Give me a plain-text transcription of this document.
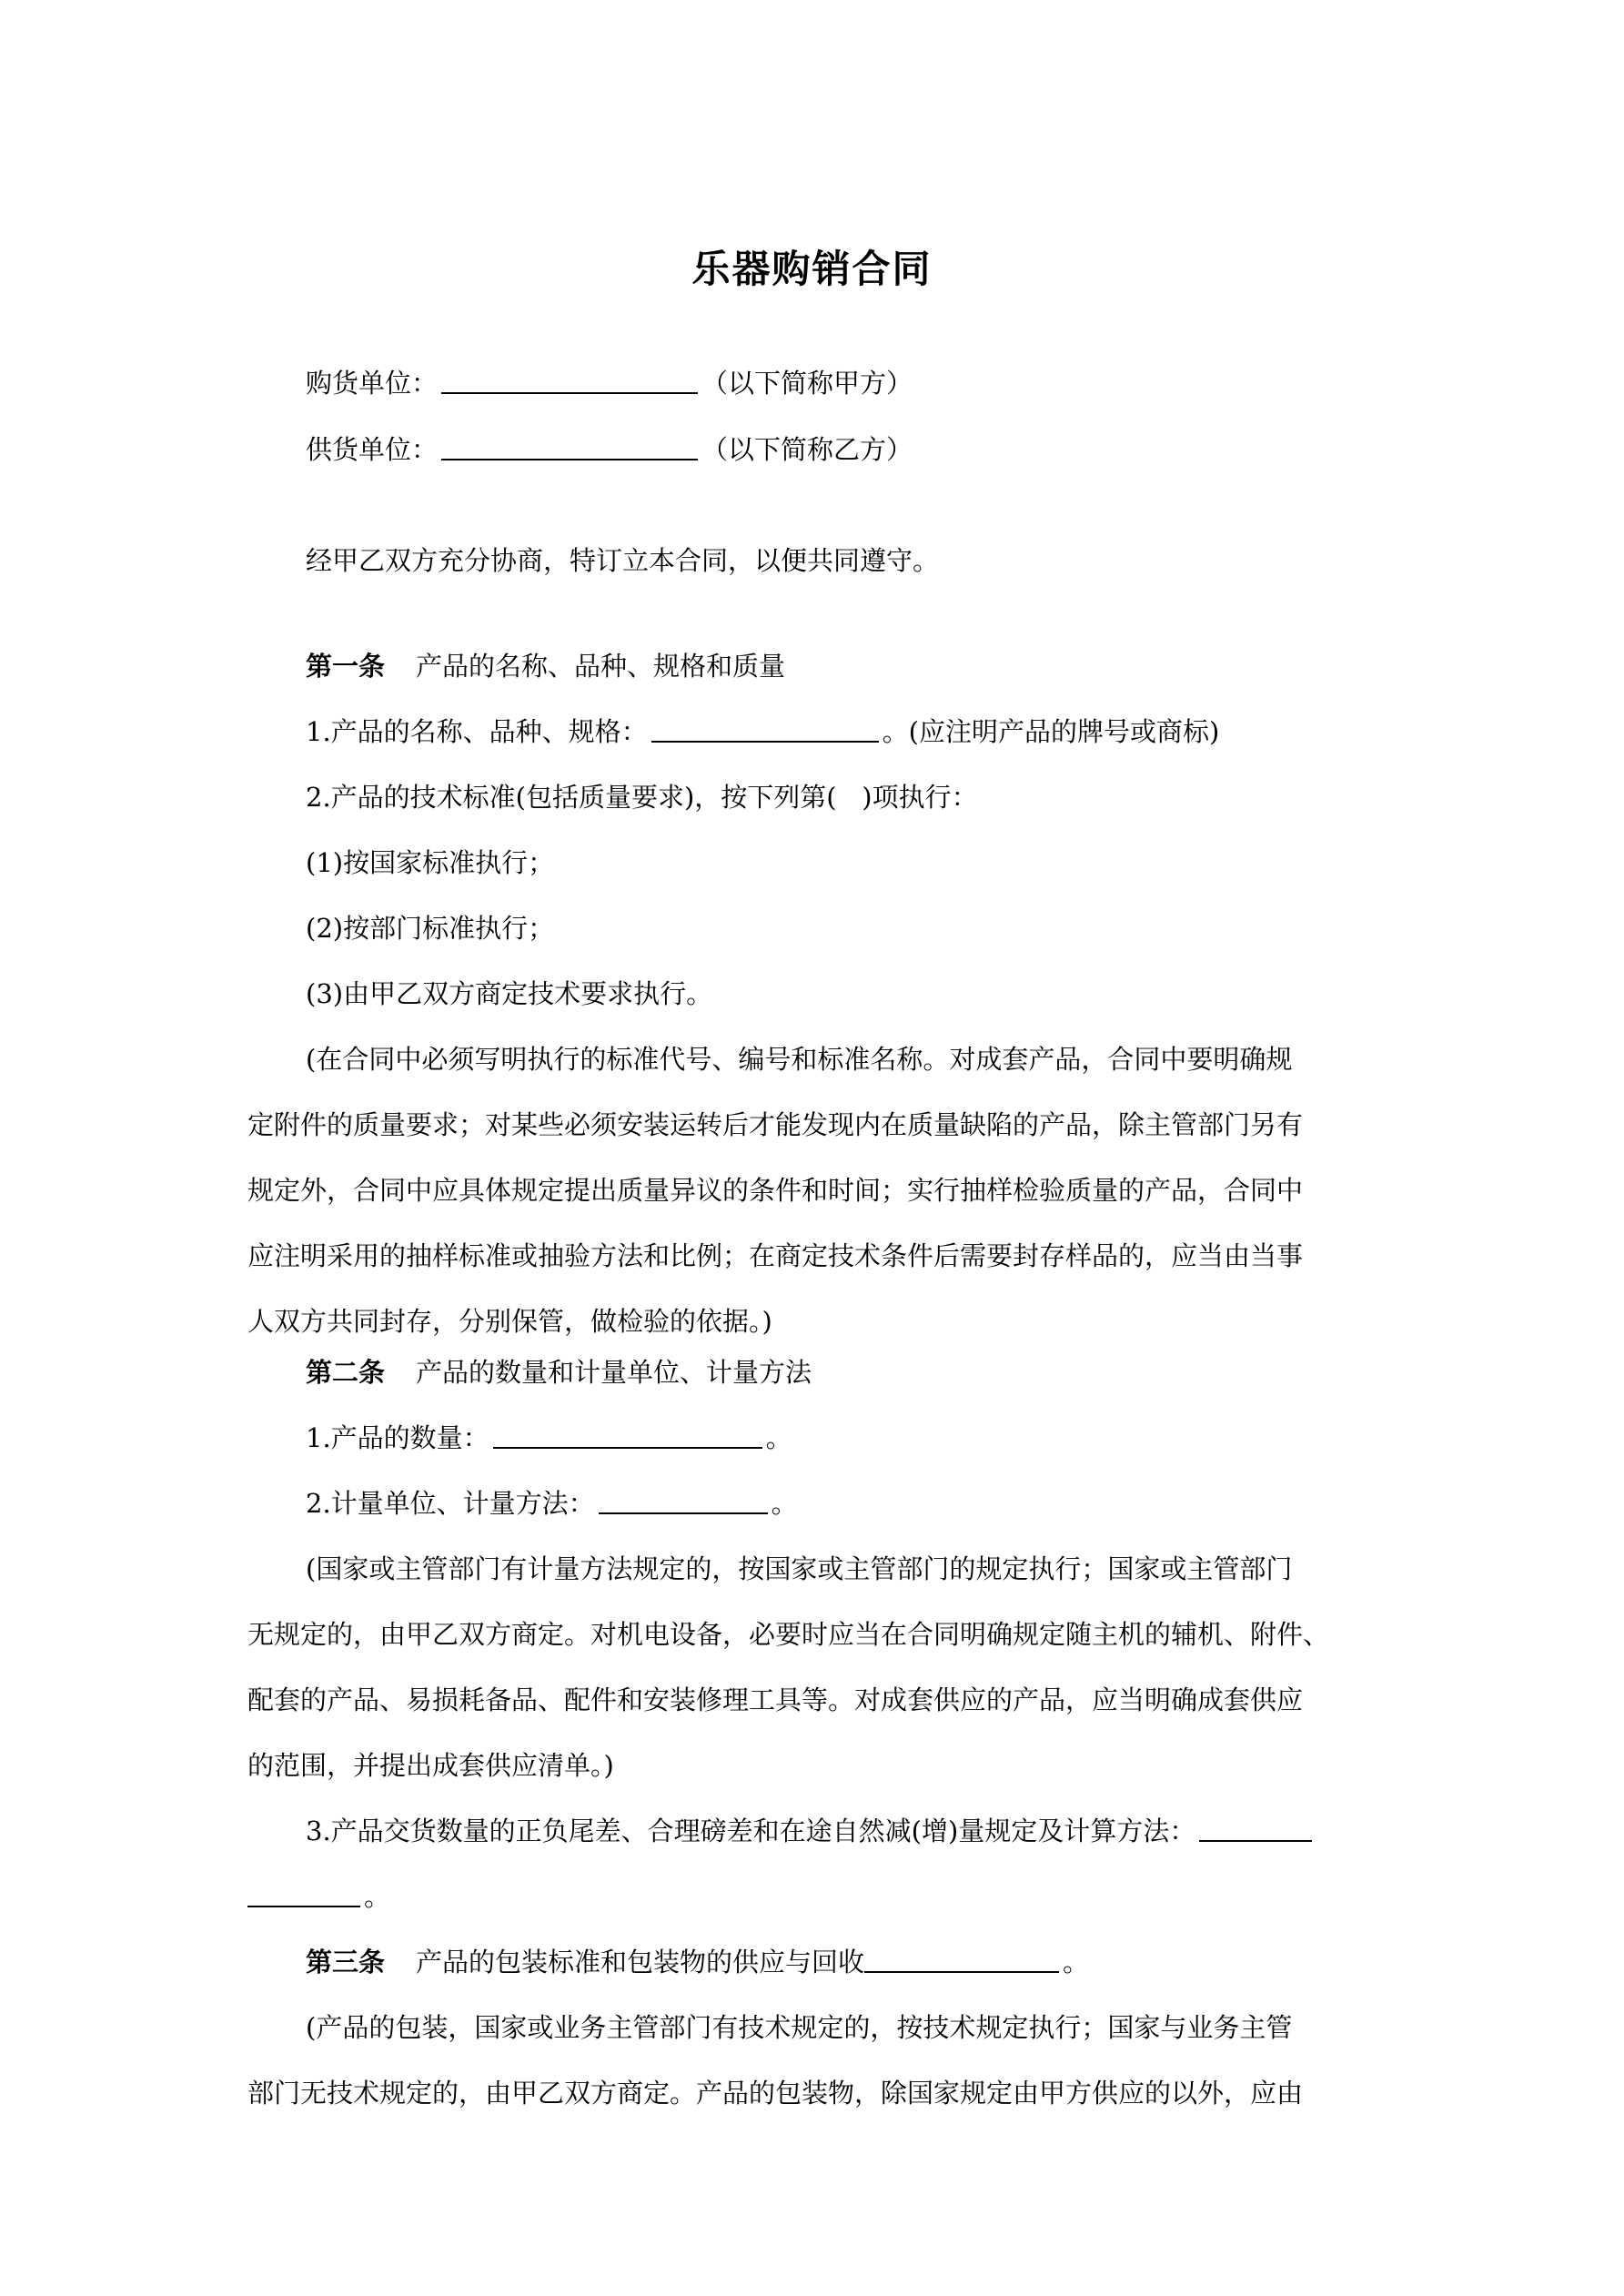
乐器购销合同
购货单位：	（以下简称甲方）
供货单位：	（以下简称乙方）
经甲乙双方充分协商，特订立本合同，以便共同遵守。
第一条 产品的名称、品种、规格和质量
1.产品的名称、品种、规格：	。(应注明产品的牌号或商标)
2.产品的技术标准(包括质量要求)，按下列第(   )项执行：
(1)按国家标准执行；
(2)按部门标准执行；
(3)由甲乙双方商定技术要求执行。
(在合同中必须写明执行的标准代号、编号和标准名称。对成套产品，合同中要明确规
定附件的质量要求；对某些必须安装运转后才能发现内在质量缺陷的产品，除主管部门另有
规定外，合同中应具体规定提出质量异议的条件和时间；实行抽样检验质量的产品，合同中
应注明采用的抽样标准或抽验方法和比例；在商定技术条件后需要封存样品的，应当由当事
人双方共同封存，分别保管，做检验的依据。)
第二条 产品的数量和计量单位、计量方法
1.产品的数量：	。
2.计量单位、计量方法：	。
(国家或主管部门有计量方法规定的，按国家或主管部门的规定执行；国家或主管部门
无规定的，由甲乙双方商定。对机电设备，必要时应当在合同明确规定随主机的辅机、附件、
配套的产品、易损耗备品、配件和安装修理工具等。对成套供应的产品，应当明确成套供应
的范围，并提出成套供应清单。)
3.产品交货数量的正负尾差、合理磅差和在途自然减(增)量规定及计算方法：
。
第三条 产品的包装标准和包装物的供应与回收	。
(产品的包装，国家或业务主管部门有技术规定的，按技术规定执行；国家与业务主管
部门无技术规定的，由甲乙双方商定。产品的包装物，除国家规定由甲方供应的以外，应由
